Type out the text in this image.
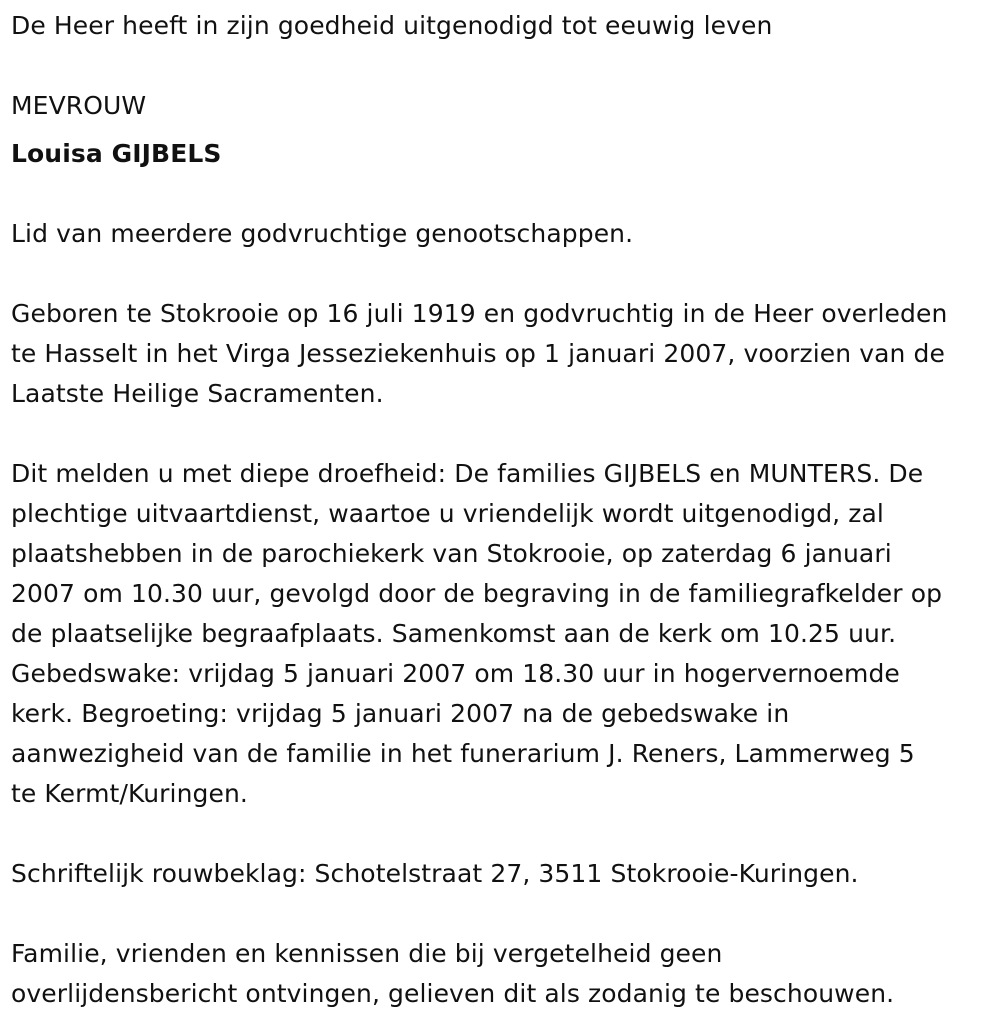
De Heer heeft in zijn goedheid uitgenodigd tot eeuwig leven
MEVROUW
Louisa GIJBELS
Lid van meerdere godvruchtige genootschappen.
Geboren te Stokrooie op 16 juli 1919 en godvruchtig in de Heer overleden
te Hasselt in het Virga Jesseziekenhuis op 1 januari 2007, voorzien van de
Laatste Heilige Sacramenten.
Dit melden u met diepe droefheid: De families GIJBELS en MUNTERS. De
plechtige uitvaartdienst, waartoe u vriendelijk wordt uitgenodigd, zal
plaatshebben in de parochiekerk van Stokrooie, op zaterdag 6 januari
2007 om 10.30 uur, gevolgd door de begraving in de familiegrafkelder op
de plaatselijke begraafplaats. Samenkomst aan de kerk om 10.25 uur.
Gebedswake: vrijdag 5 januari 2007 om 18.30 uur in hogervernoemde
kerk. Begroeting: vrijdag 5 januari 2007 na de gebedswake in
aanwezigheid van de familie in het funerarium J. Reners, Lammerweg 5
te Kermt/Kuringen.
Schriftelijk rouwbeklag: Schotelstraat 27, 3511 Stokrooie-Kuringen.
Familie, vrienden en kennissen die bij vergetelheid geen
overlijdensbericht ontvingen, gelieven dit als zodanig te beschouwen.
